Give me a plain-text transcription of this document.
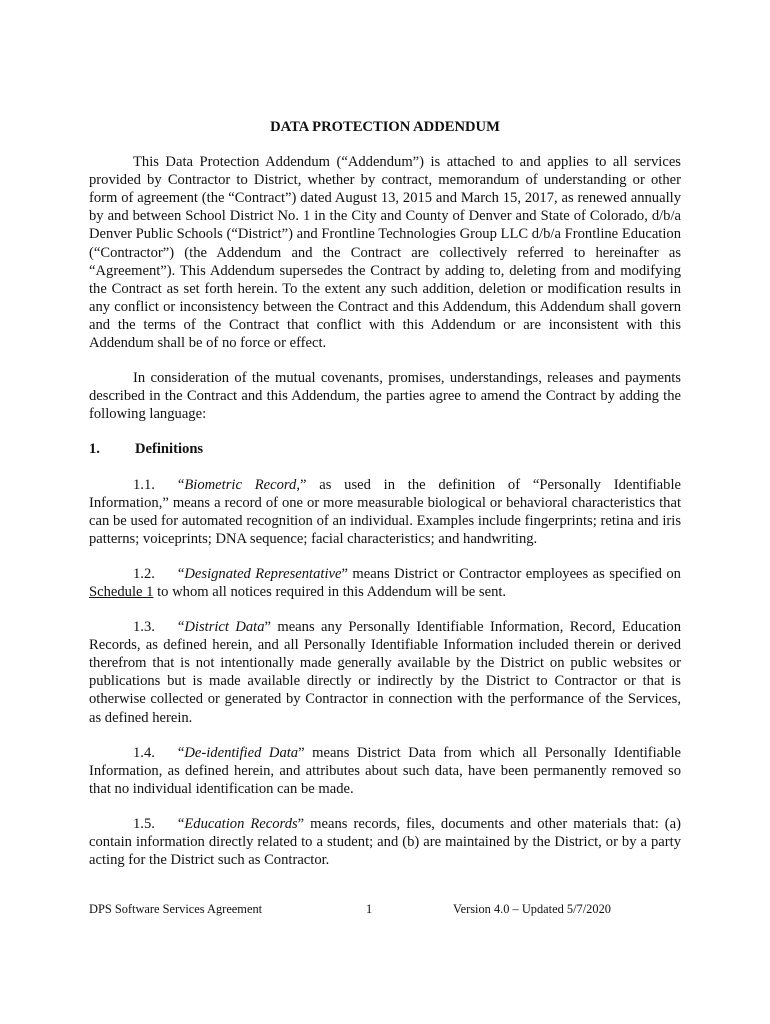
DATA PROTECTION ADDENDUM

This Data Protection Addendum (“Addendum”) is attached to and applies to all services provided by Contractor to District, whether by contract, memorandum of understanding or other form of agreement (the “Contract”) dated August 13, 2015 and March 15, 2017, as renewed annually by and between School District No. 1 in the City and County of Denver and State of Colorado, d/b/a Denver Public Schools (“District”) and Frontline Technologies Group LLC d/b/a Frontline Education (“Contractor”) (the Addendum and the Contract are collectively referred to hereinafter as “Agreement”). This Addendum supersedes the Contract by adding to, deleting from and modifying the Contract as set forth herein. To the extent any such addition, deletion or modification results in any conflict or inconsistency between the Contract and this Addendum, this Addendum shall govern and the terms of the Contract that conflict with this Addendum or are inconsistent with this Addendum shall be of no force or effect.

In consideration of the mutual covenants, promises, understandings, releases and payments described in the Contract and this Addendum, the parties agree to amend the Contract by adding the following language:

1.	Definitions

1.1. “Biometric Record,” as used in the definition of “Personally Identifiable Information,” means a record of one or more measurable biological or behavioral characteristics that can be used for automated recognition of an individual. Examples include fingerprints; retina and iris patterns; voiceprints; DNA sequence; facial characteristics; and handwriting.

1.2. “Designated Representative” means District or Contractor employees as specified on Schedule 1 to whom all notices required in this Addendum will be sent.

1.3. “District Data” means any Personally Identifiable Information, Record, Education Records, as defined herein, and all Personally Identifiable Information included therein or derived therefrom that is not intentionally made generally available by the District on public websites or publications but is made available directly or indirectly by the District to Contractor or that is otherwise collected or generated by Contractor in connection with the performance of the Services, as defined herein.

1.4. “De-identified Data” means District Data from which all Personally Identifiable Information, as defined herein, and attributes about such data, have been permanently removed so that no individual identification can be made.

1.5. “Education Records” means records, files, documents and other materials that: (a) contain information directly related to a student; and (b) are maintained by the District, or by a party acting for the District such as Contractor.

DPS Software Services Agreement	1	Version 4.0 – Updated 5/7/2020
